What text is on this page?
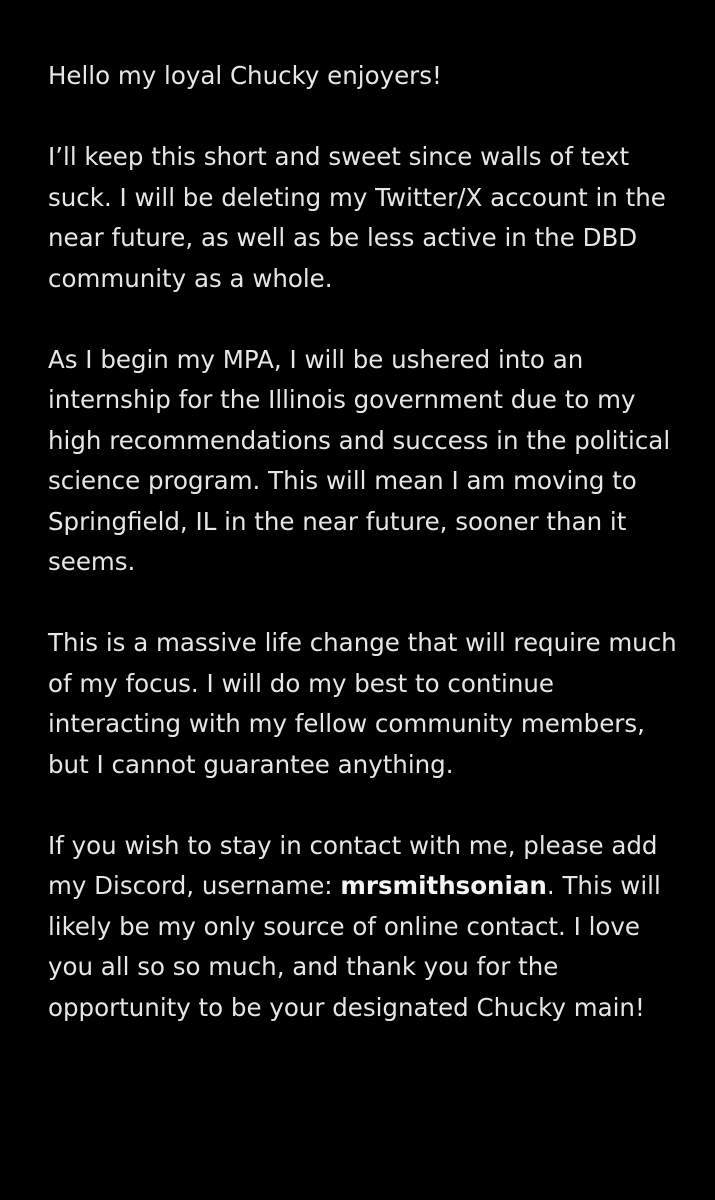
Hello my loyal Chucky enjoyers!

I’ll keep this short and sweet since walls of text suck. I will be deleting my Twitter/X account in the near future, as well as be less active in the DBD community as a whole.

As I begin my MPA, I will be ushered into an internship for the Illinois government due to my high recommendations and success in the political science program. This will mean I am moving to Springfield, IL in the near future, sooner than it seems.

This is a massive life change that will require much of my focus. I will do my best to continue interacting with my fellow community members, but I cannot guarantee anything.

If you wish to stay in contact with me, please add my Discord, username: mrsmithsonian. This will likely be my only source of online contact. I love you all so so much, and thank you for the opportunity to be your designated Chucky main!
